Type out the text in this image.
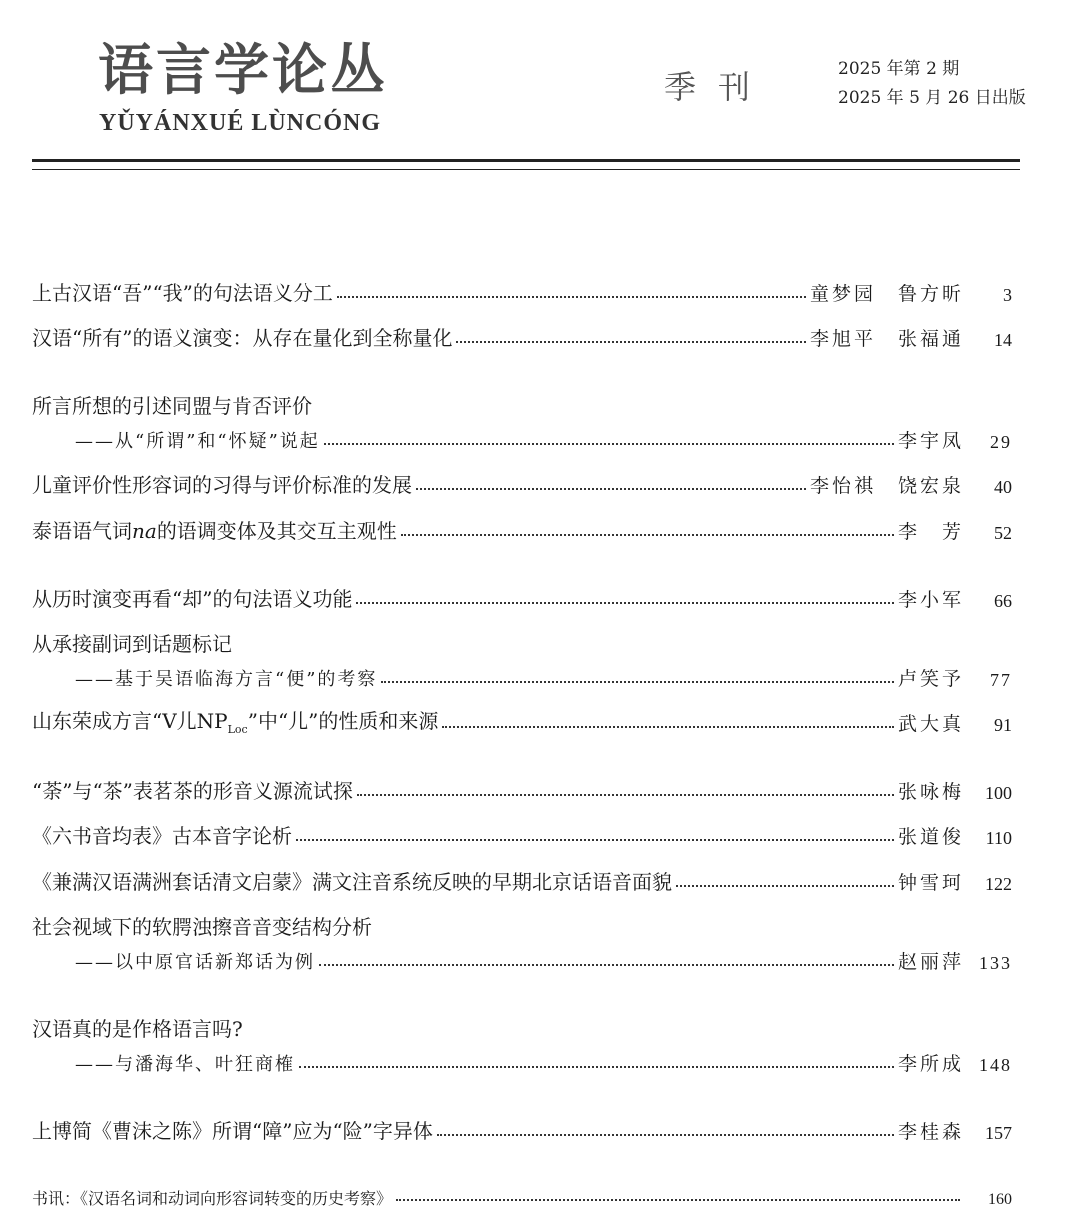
语言学论丛
YǓYÁNXUÉ LÙNCÓNG
季刊	2025 年第 2 期
2025 年 5 月 26 日出版
上古汉语“吾”“我”的句法语义分工	童梦园 鲁方昕	3
汉语“所有”的语义演变：从存在量化到全称量化	李旭平 张福通	14
所言所想的引述同盟与肯否评价
——从“所谓”和“怀疑”说起	李宇凤	29
儿童评价性形容词的习得与评价标准的发展	李怡祺 饶宏泉	40
泰语语气词na的语调变体及其交互主观性	李　芳	52
从历时演变再看“却”的句法语义功能	李小军	66
从承接副词到话题标记
——基于吴语临海方言“便”的考察	卢笑予	77
山东荣成方言“V儿$NP_{Loc}$”中“儿”的性质和来源	武大真	91
“荼”与“茶”表茗茶的形音义源流试探	张咏梅	100
《六书音均表》古本音字论析	张道俊	110
《兼满汉语满洲套话清文启蒙》满文注音系统反映的早期北京话语音面貌	钟雪珂	122
社会视域下的软腭浊擦音音变结构分析
——以中原官话新郑话为例	赵丽萍 133
汉语真的是作格语言吗?
——与潘海华、叶狂商榷	李所成 148
上博简《曹沫之陈》所谓“障”应为“险”字异体	李桂森	157
书讯：《汉语名词和动词向形容词转变的历史考察》	160
